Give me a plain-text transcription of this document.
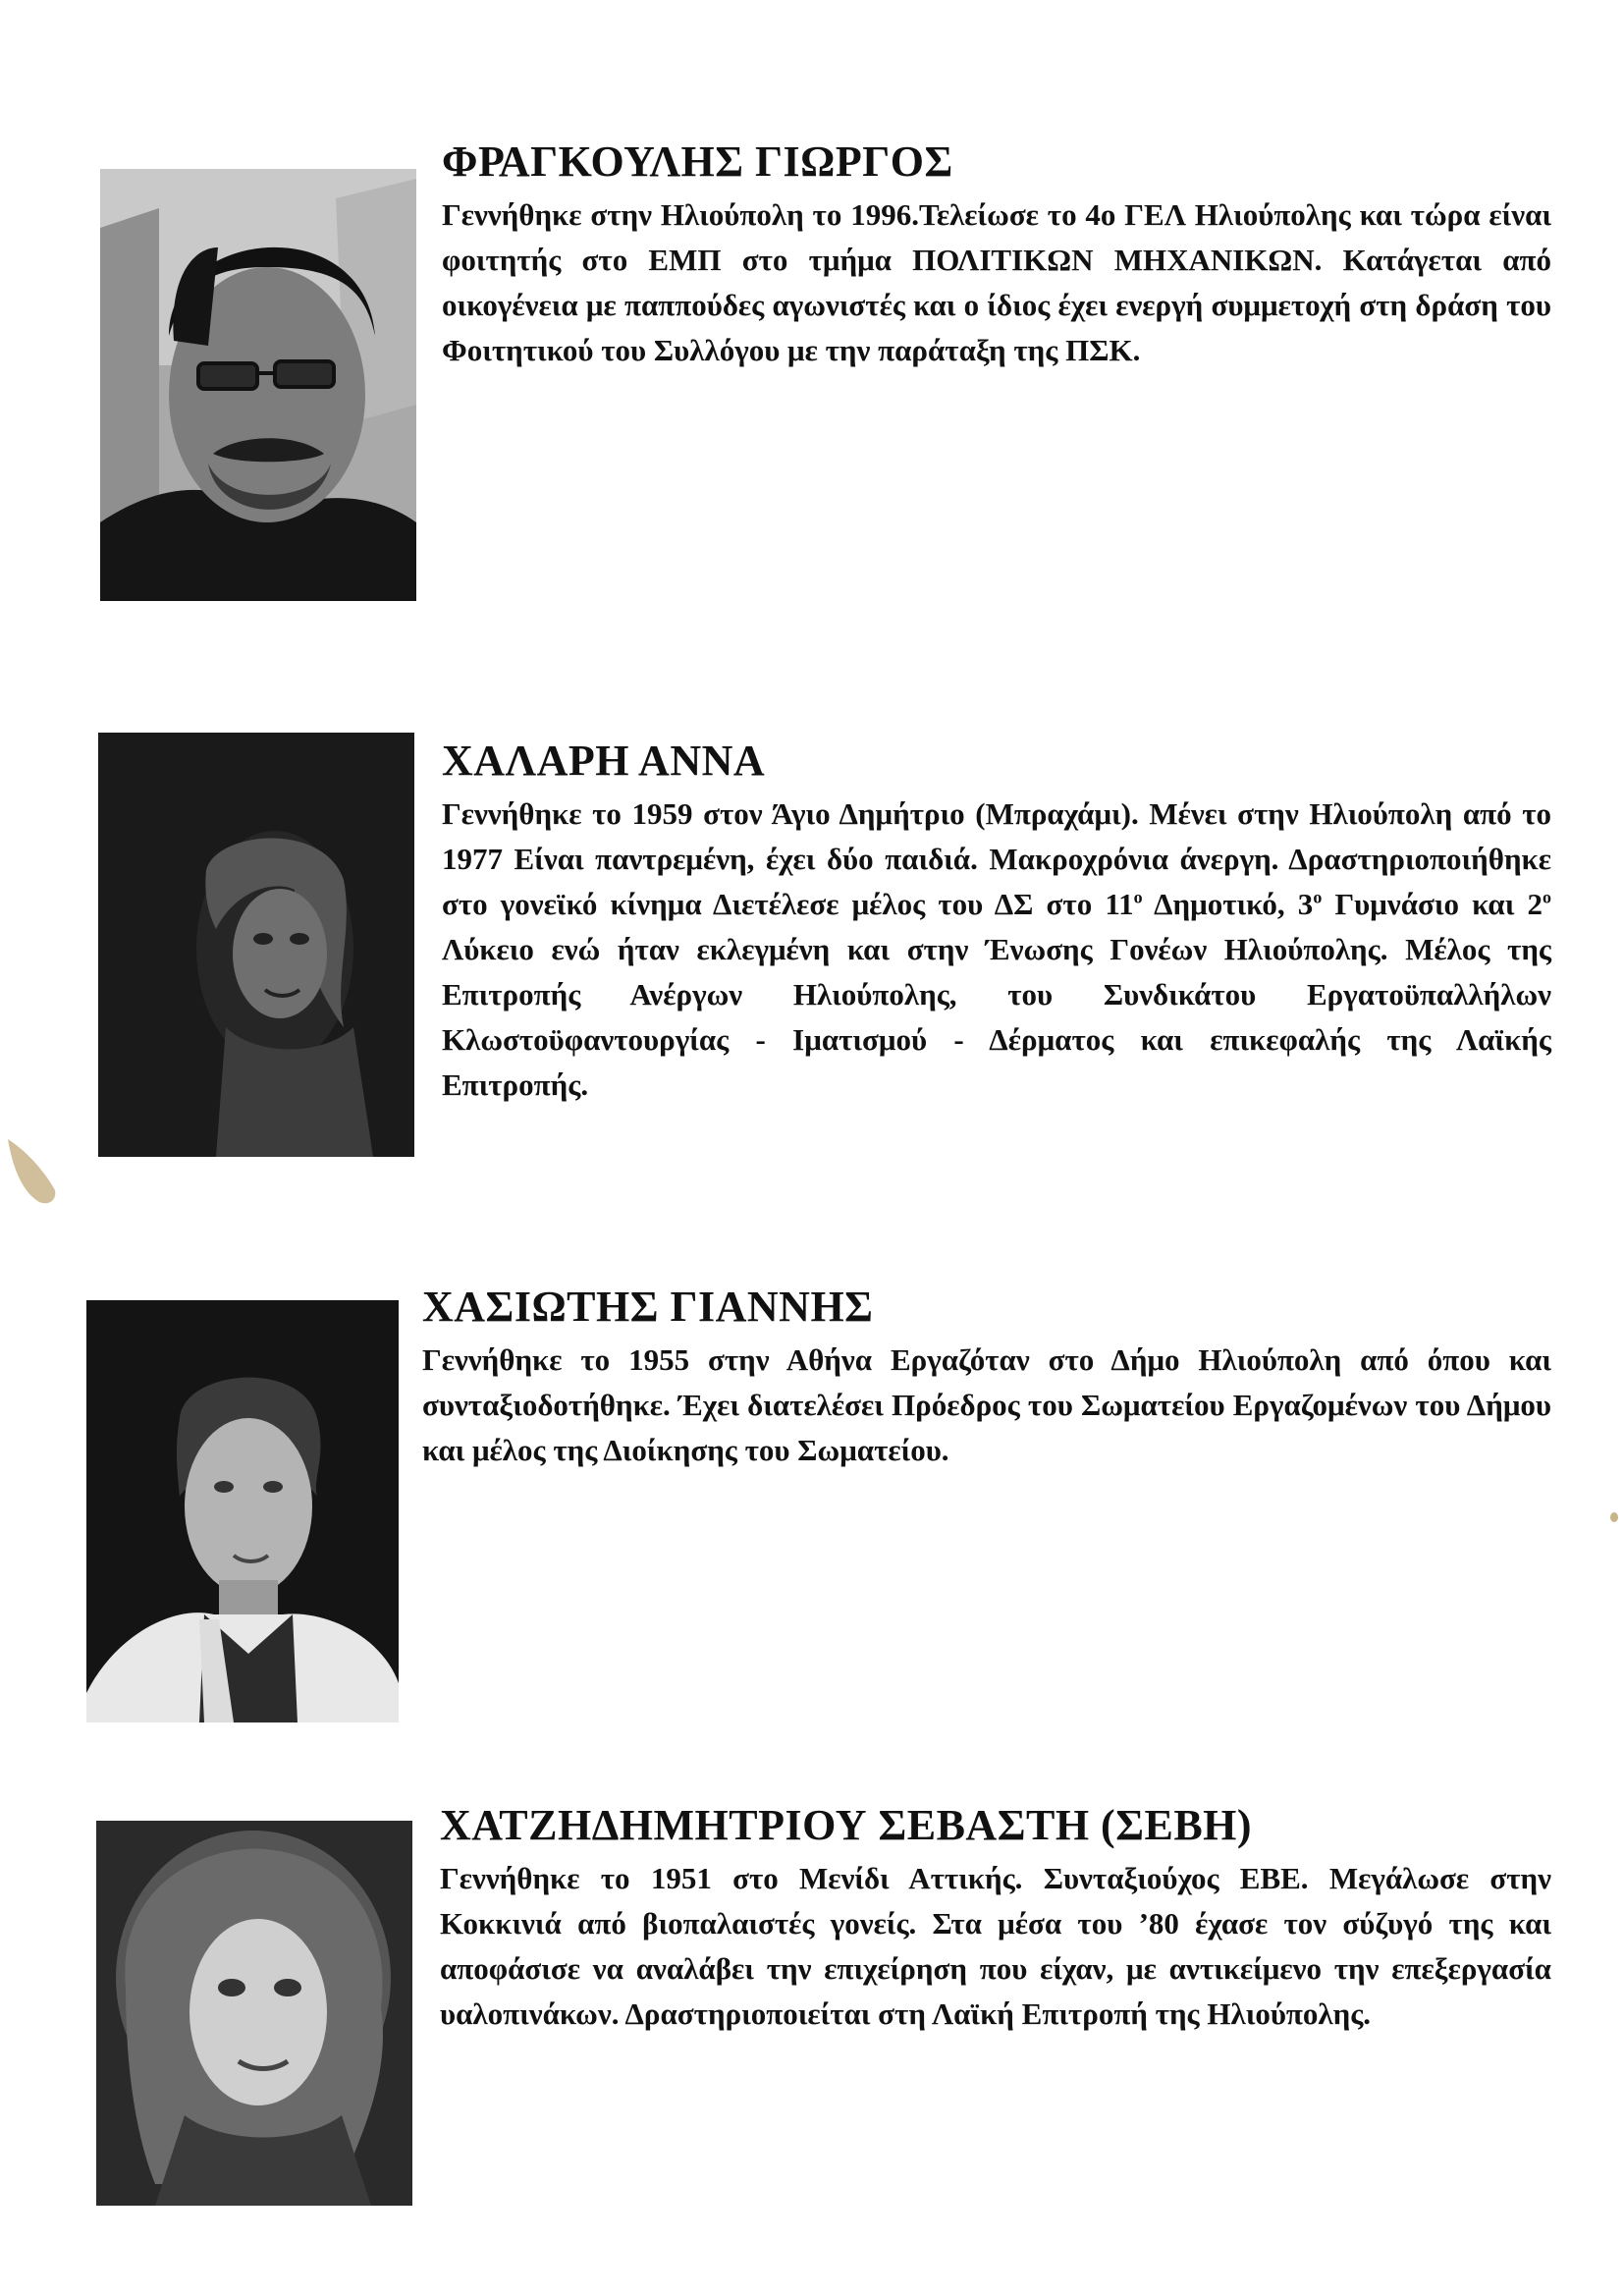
ΦΡΑΓΚΟΥΛΗΣ ΓΙΩΡΓΟΣ

Γεννήθηκε στην Ηλιούπολη το 1996.Τελείωσε το 4ο ΓΕΛ Ηλιούπολης και τώρα είναι φοιτητής στο ΕΜΠ στο τμήμα ΠΟΛΙΤΙΚΩΝ ΜΗΧΑΝΙΚΩΝ. Κατάγεται από οικογένεια με παππούδες αγωνιστές και ο ίδιος έχει ενεργή συμμετοχή στη δράση του Φοιτητικού του Συλλόγου με την παράταξη της ΠΣΚ.

ΧΑΛΑΡΗ ΑΝΝΑ

Γεννήθηκε το 1959 στον Άγιο Δημήτριο (Μπραχάμι). Μένει στην Ηλιούπολη από το 1977 Είναι παντρεμένη, έχει δύο παιδιά. Μακροχρόνια άνεργη. Δραστηριοποιήθηκε στο γονεϊκό κίνημα Διετέλεσε μέλος του ΔΣ στο $11^o$ Δημοτικό, $3^o$ Γυμνάσιο και $2^o$ Λύκειο ενώ ήταν εκλεγμένη και στην Ένωσης Γονέων Ηλιούπολης. Μέλος της Επιτροπής Ανέργων Ηλιούπολης, του Συνδικάτου Εργατοϋπαλλήλων Κλωστοϋφαντουργίας - Ιματισμού - Δέρματος και επικεφαλής της Λαϊκής Επιτροπής.

ΧΑΣΙΩΤΗΣ ΓΙΑΝΝΗΣ

Γεννήθηκε το 1955 στην Αθήνα Εργαζόταν στο Δήμο Ηλιούπολη από όπου και συνταξιοδοτήθηκε. Έχει διατελέσει Πρόεδρος του Σωματείου Εργαζομένων του Δήμου και μέλος της Διοίκησης του Σωματείου.

ΧΑΤΖΗΔΗΜΗΤΡΙΟΥ ΣΕΒΑΣΤΗ (ΣΕΒΗ)

Γεννήθηκε το 1951 στο Μενίδι Αττικής. Συνταξιούχος ΕΒΕ. Μεγάλωσε στην Κοκκινιά από βιοπαλαιστές γονείς. Στα μέσα του ’80 έχασε τον σύζυγό της και αποφάσισε να αναλάβει την επιχείρηση που είχαν, με αντικείμενο την επεξεργασία υαλοπινάκων. Δραστηριοποιείται στη Λαϊκή Επιτροπή της Ηλιούπολης.
